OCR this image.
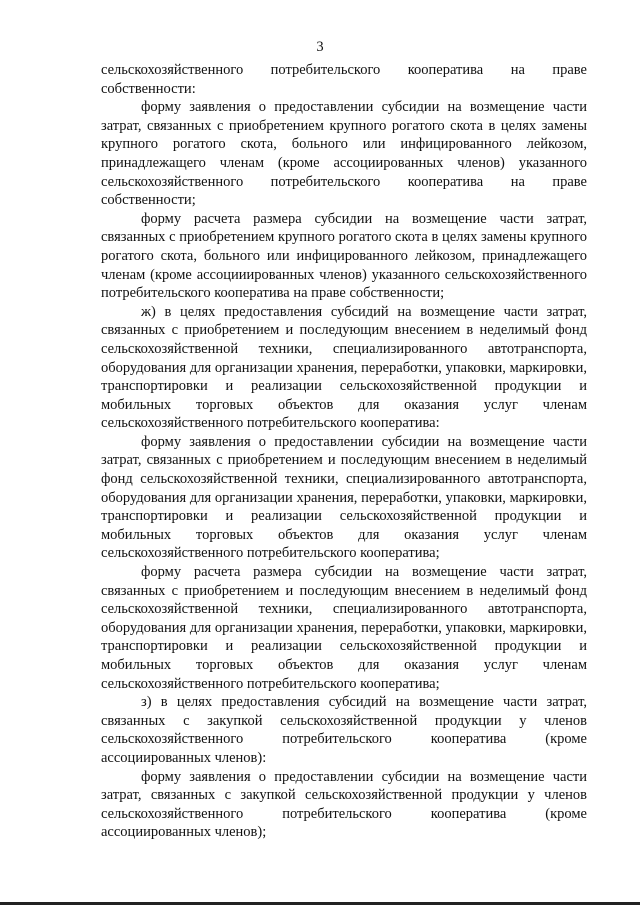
3

сельскохозяйственного потребительского кооператива на праве собственности:

форму заявления о предоставлении субсидии на возмещение части затрат, связанных с приобретением крупного рогатого скота в целях замены крупного рогатого скота, больного или инфицированного лейкозом, принадлежащего членам (кроме ассоциированных членов) указанного сельскохозяйственного потребительского кооператива на праве собственности;

форму расчета размера субсидии на возмещение части затрат, связанных с приобретением крупного рогатого скота в целях замены крупного рогатого скота, больного или инфицированного лейкозом, принадлежащего членам (кроме ассоцииированных членов) указанного сельскохозяйственного потребительского кооператива на праве собственности;

ж) в целях предоставления субсидий на возмещение части затрат, связанных с приобретением и последующим внесением в неделимый фонд сельскохозяйственной техники, специализированного автотранспорта, оборудования для организации хранения, переработки, упаковки, маркировки, транспортировки и реализации сельскохозяйственной продукции и мобильных торговых объектов для оказания услуг членам сельскохозяйственного потребительского кооператива:

форму заявления о предоставлении субсидии на возмещение части затрат, связанных с приобретением и последующим внесением в неделимый фонд сельскохозяйственной техники, специализированного автотранспорта, оборудования для организации хранения, переработки, упаковки, маркировки, транспортировки и реализации сельскохозяйственной продукции и мобильных торговых объектов для оказания услуг членам сельскохозяйственного потребительского кооператива;

форму расчета размера субсидии на возмещение части затрат, связанных с приобретением и последующим внесением в неделимый фонд сельскохозяйственной техники, специализированного автотранспорта, оборудования для организации хранения, переработки, упаковки, маркировки, транспортировки и реализации сельскохозяйственной продукции и мобильных торговых объектов для оказания услуг членам сельскохозяйственного потребительского кооператива;

з) в целях предоставления субсидий на возмещение части затрат, связанных с закупкой сельскохозяйственной продукции у членов сельскохозяйственного потребительского кооператива (кроме ассоциированных членов):

форму заявления о предоставлении субсидии на возмещение части затрат, связанных с закупкой сельскохозяйственной продукции у членов сельскохозяйственного потребительского кооператива (кроме ассоциированных членов);
